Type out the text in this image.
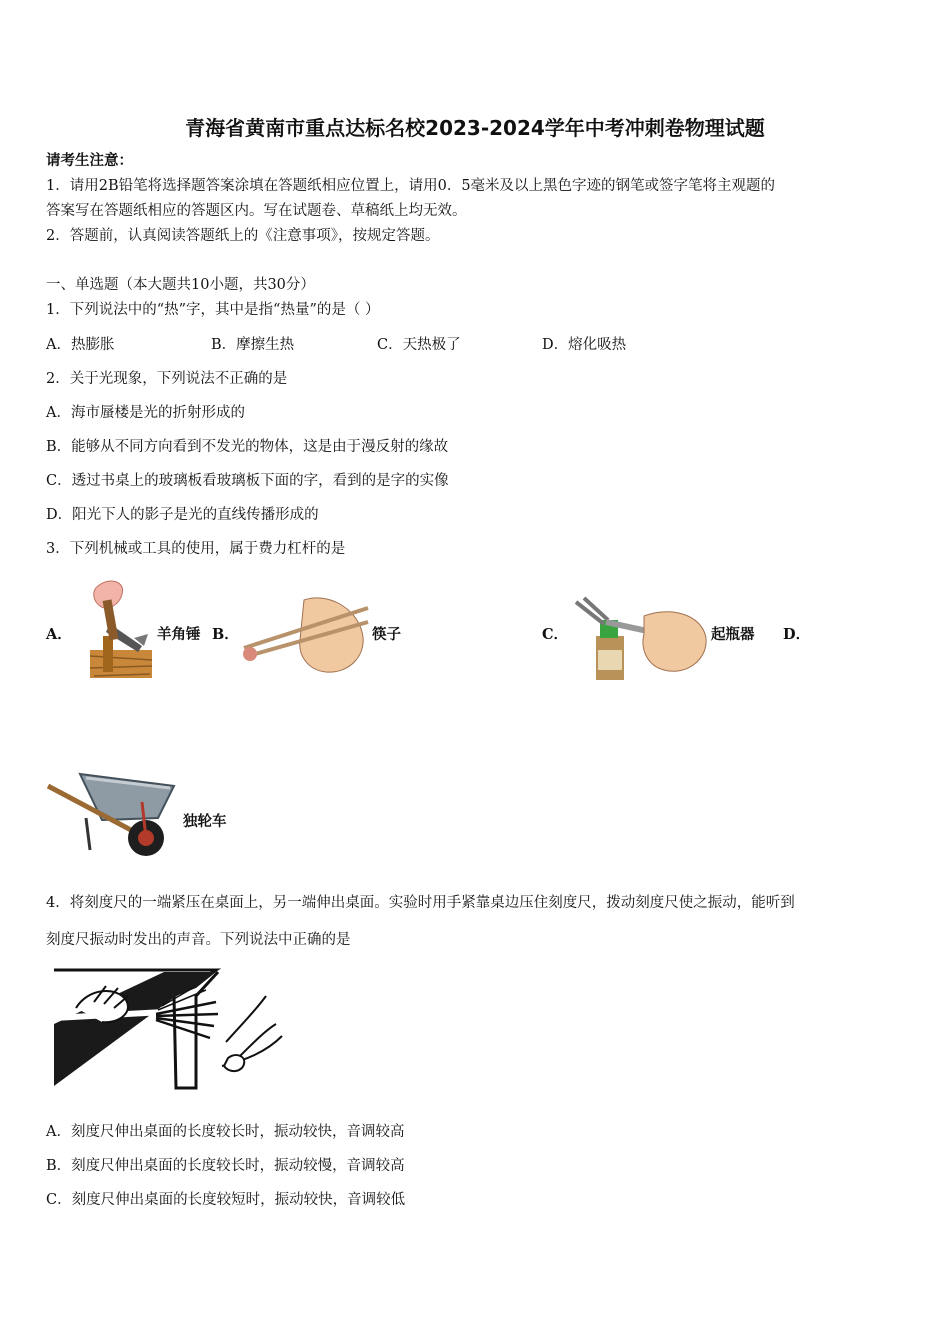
青海省黄南市重点达标名校2023-2024学年中考冲刺卷物理试题
请考生注意：
1．请用2B铅笔将选择题答案涂填在答题纸相应位置上，请用0．5毫米及以上黑色字迹的钢笔或签字笔将主观题的
答案写在答题纸相应的答题区内。写在试题卷、草稿纸上均无效。
2．答题前，认真阅读答题纸上的《注意事项》，按规定答题。
一、单选题（本大题共10小题，共30分）
1．下列说法中的“热”字，其中是指“热量”的是（ ）
A．热膨胀	B．摩擦生热	C．天热极了	D．熔化吸热
2．关于光现象，下列说法不正确的是
A．海市蜃楼是光的折射形成的
B．能够从不同方向看到不发光的物体，这是由于漫反射的缘故
C．透过书桌上的玻璃板看玻璃板下面的字，看到的是字的实像
D．阳光下人的影子是光的直线传播形成的
3．下列机械或工具的使用，属于费力杠杆的是
A．	羊角锤 B．	筷子	C．	起瓶器 D．
独轮车
4．将刻度尺的一端紧压在桌面上，另一端伸出桌面。实验时用手紧靠桌边压住刻度尺，拨动刻度尺使之振动，能听到
刻度尺振动时发出的声音。下列说法中正确的是
A．刻度尺伸出桌面的长度较长时，振动较快，音调较高
B．刻度尺伸出桌面的长度较长时，振动较慢，音调较高
C．刻度尺伸出桌面的长度较短时，振动较快，音调较低
